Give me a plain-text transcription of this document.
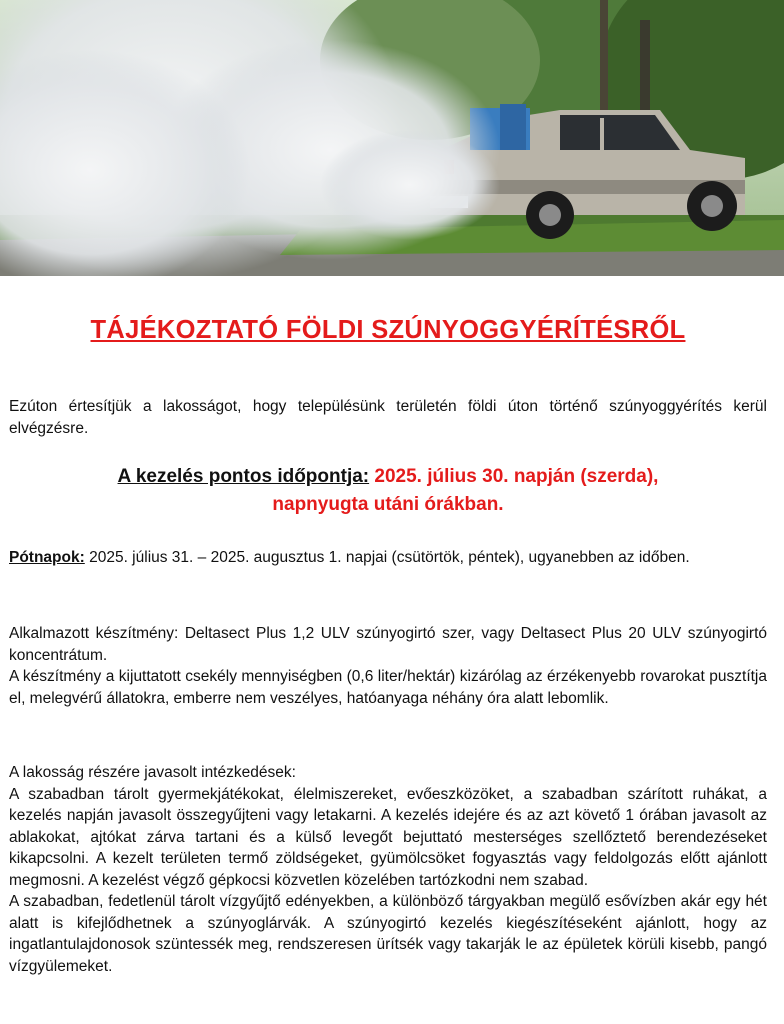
TÁJÉKOZTATÓ FÖLDI SZÚNYOGGYÉRÍTÉSRŐL
Ezúton értesítjük a lakosságot, hogy településünk területén földi úton történő szúnyoggyérítés kerül elvégzésre.
A kezelés pontos időpontja: 2025. július 30. napján (szerda),
napnyugta utáni órákban.
Pótnapok: 2025. július 31. – 2025. augusztus 1. napjai (csütörtök, péntek), ugyanebben az időben.
Alkalmazott készítmény: Deltasect Plus 1,2 ULV szúnyogirtó szer, vagy Deltasect Plus 20 ULV szúnyogirtó koncentrátum.
A készítmény a kijuttatott csekély mennyiségben (0,6 liter/hektár) kizárólag az érzékenyebb rovarokat pusztítja el, melegvérű állatokra, emberre nem veszélyes, hatóanyaga néhány óra alatt lebomlik.
A lakosság részére javasolt intézkedések:
A szabadban tárolt gyermekjátékokat, élelmiszereket, evőeszközöket, a szabadban szárított ruhákat, a kezelés napján javasolt összegyűjteni vagy letakarni. A kezelés idejére és az azt követő 1 órában javasolt az ablakokat, ajtókat zárva tartani és a külső levegőt bejuttató mesterséges szellőztető berendezéseket kikapcsolni. A kezelt területen termő zöldségeket, gyümölcsöket fogyasztás vagy feldolgozás előtt ajánlott megmosni. A kezelést végző gépkocsi közvetlen közelében tartózkodni nem szabad.
A szabadban, fedetlenül tárolt vízgyűjtő edényekben, a különböző tárgyakban megülő esővízben akár egy hét alatt is kifejlődhetnek a szúnyoglárvák. A szúnyogirtó kezelés kiegészítéseként ajánlott, hogy az ingatlantulajdonosok szüntessék meg, rendszeresen ürítsék vagy takarják le az épületek körüli kisebb, pangó vízgyülemeket.
